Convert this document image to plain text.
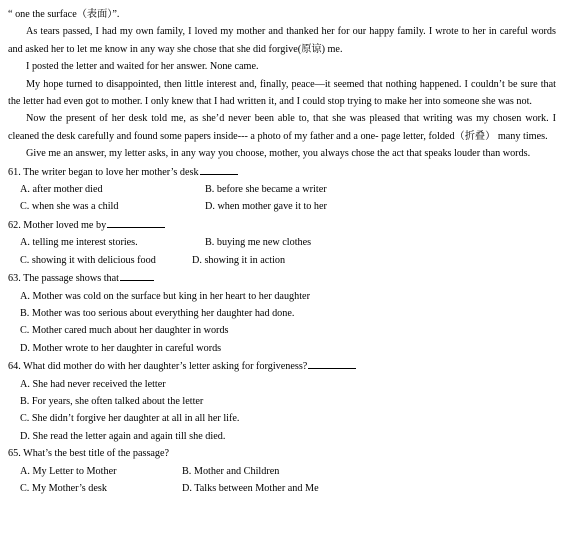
“ one the surface（表面）”.

As tears passed, I had my own family, I loved my mother and thanked her for our happy family. I wrote to her in careful words and asked her to let me know in any way she chose that she did forgive(原谅) me.

I posted the letter and waited for her answer. None came.

My hope turned to disappointed, then little interest and, finally, peace—it seemed that nothing happened. I couldn’t be sure that the letter had even got to mother. I only knew that I had written it, and I could stop trying to make her into someone she was not.

Now the present of her desk told me, as she’d never been able to, that she was pleased that writing was my chosen work. I cleaned the desk carefully and found some papers inside--- a photo of my father and a one- page letter, folded（折叠） many times.

Give me an answer, my letter asks, in any way you choose, mother, you always chose the act that speaks louder than words.

61. The writer began to love her mother’s desk

A. after mother died	B. before she became a writer
C. when she was a child	D. when mother gave it to her

62. Mother loved me by

A. telling me interest stories.	B. buying me new clothes
C. showing it with delicious food	D. showing it in action

63. The passage shows that

A. Mother was cold on the surface but king in her heart to her daughter

B. Mother was too serious about everything her daughter had done.

C. Mother cared much about her daughter in words

D. Mother wrote to her daughter in careful words

64. What did mother do with her daughter’s letter asking for forgiveness?

A. She had never received the letter

B. For years, she often talked about the letter

C. She didn’t forgive her daughter at all in all her life.

D. She read the letter again and again till she died.

65. What’s the best title of the passage?

A. My Letter to Mother	B. Mother and Children
C. My Mother’s desk	D. Talks between Mother and Me
